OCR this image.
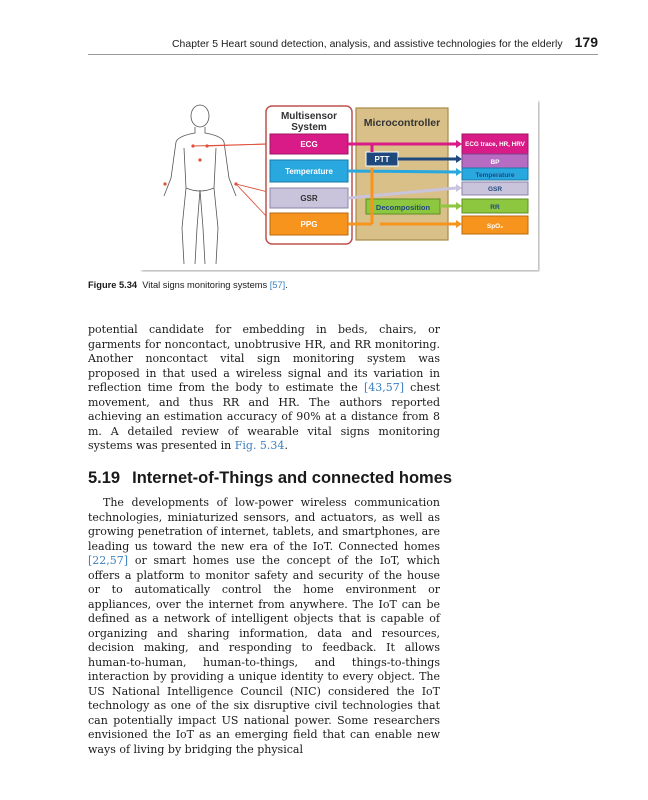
Chapter 5 Heart sound detection, analysis, and assistive technologies for the elderly 179
Multisensor
System	Microcontroller
ECG
Temperature
GSR
PPG
PTT
Decomposition
ECG trace, HR, HRV
BP
Temperature
GSR
RR
SpO₂
Figure 5.34 Vital signs monitoring systems [57].

potential candidate for embedding in beds, chairs, or garments for noncontact, unobtrusive HR, and RR monitoring. Another noncontact vital sign monitoring system was proposed in that used a wireless signal and its variation in reflection time from the body to estimate the [43,57] chest movement, and thus RR and HR. The authors reported achieving an estimation accuracy of 90% at a distance from 8 m. A detailed review of wearable vital signs monitoring systems was presented in Fig. 5.34.

5.19 Internet-of-Things and connected homes

The developments of low-power wireless communication technologies, miniaturized sensors, and actuators, as well as growing penetration of internet, tablets, and smartphones, are leading us toward the new era of the IoT. Connected homes [22,57] or smart homes use the concept of the IoT, which offers a platform to monitor safety and security of the house or to automatically control the home environment or appliances, over the internet from anywhere. The IoT can be defined as a network of intelligent objects that is capable of organizing and sharing information, data and resources, decision making, and responding to feedback. It allows human-to-human, human-to-things, and things-to-things interaction by providing a unique identity to every object. The US National Intelligence Council (NIC) considered the IoT technology as one of the six disruptive civil technologies that can potentially impact US national power. Some researchers envisioned the IoT as an emerging field that can enable new ways of living by bridging the physical
